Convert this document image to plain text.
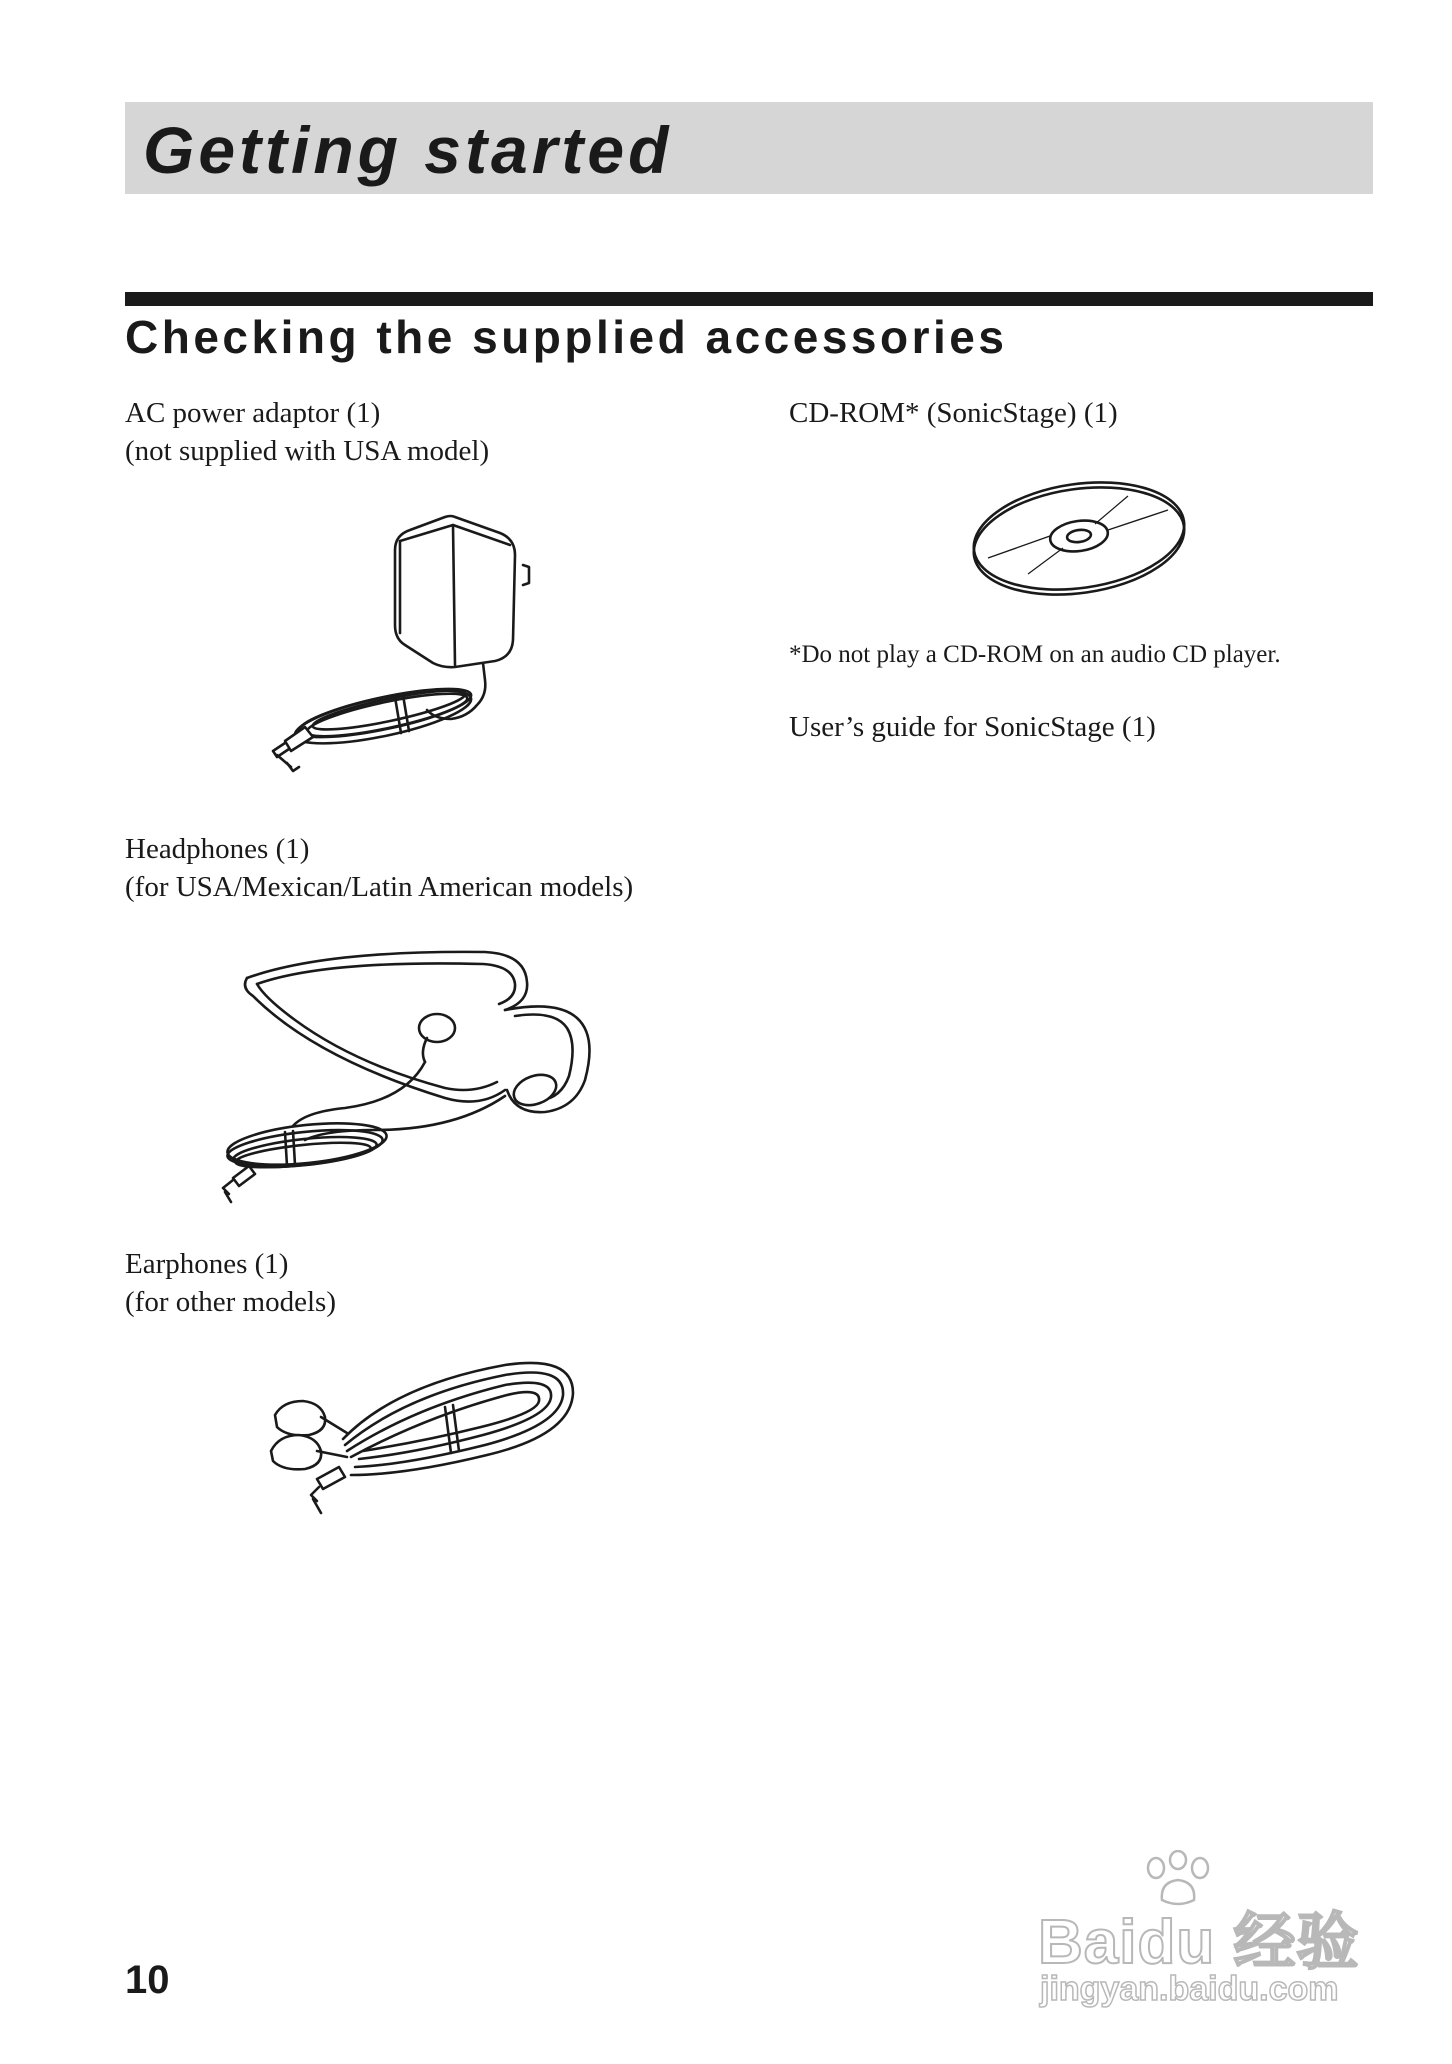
Getting started
Checking the supplied accessories
AC power adaptor (1)
(not supplied with USA model)
CD-ROM* (SonicStage) (1)
*Do not play a CD-ROM on an audio CD player.
User’s guide for SonicStage (1)
Headphones (1)
(for USA/Mexican/Latin American models)
Earphones (1)
(for other models)

10

Baidu 经验
jingyan.baidu.com
